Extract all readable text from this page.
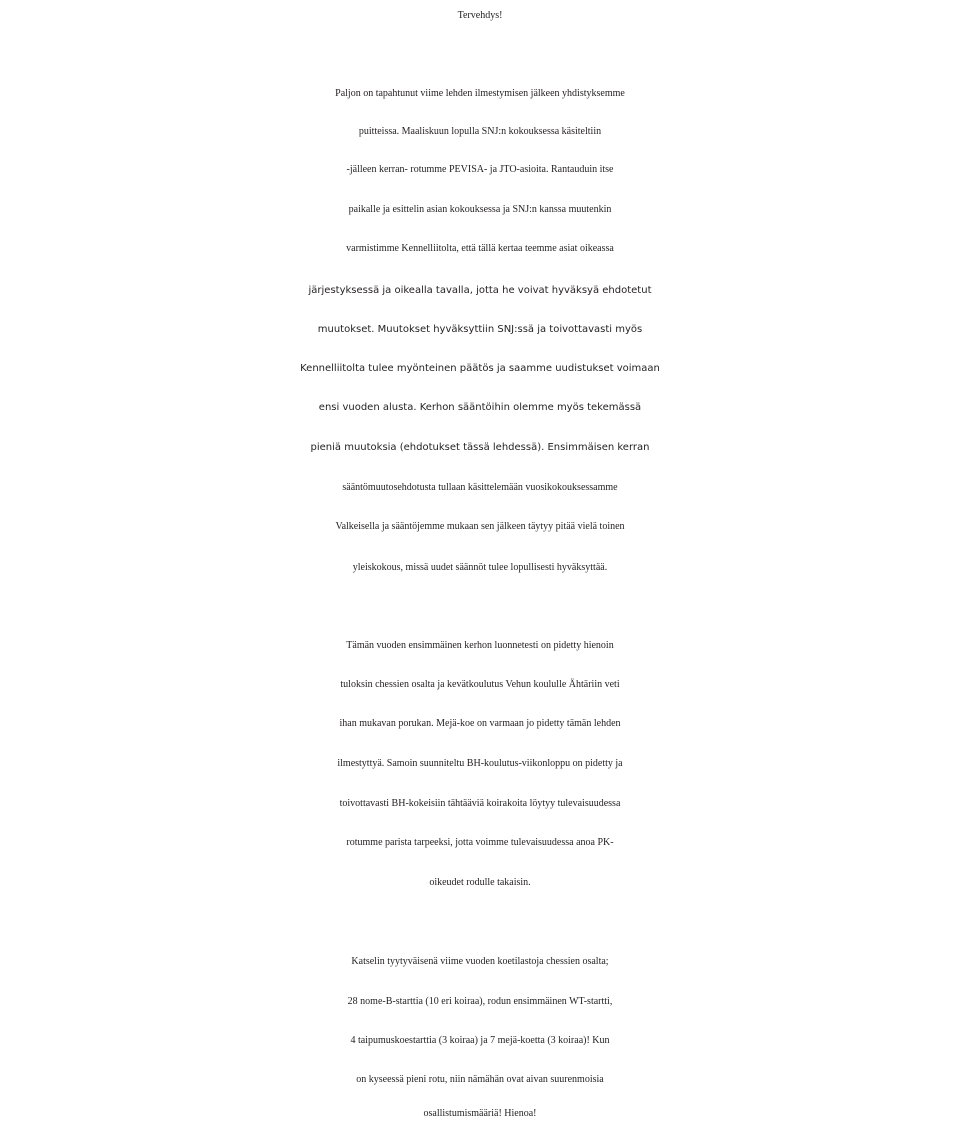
Tervehdys!
Paljon on tapahtunut viime lehden ilmestymisen jälkeen yhdistyksemme
puitteissa. Maaliskuun lopulla SNJ:n kokouksessa käsiteltiin
-jälleen kerran- rotumme PEVISA- ja JTO-asioita. Rantauduin itse
paikalle ja esittelin asian kokouksessa ja SNJ:n kanssa muutenkin
varmistimme Kennelliitolta, että tällä kertaa teemme asiat oikeassa
järjestyksessä ja oikealla tavalla, jotta he voivat hyväksyä ehdotetut
muutokset. Muutokset hyväksyttiin SNJ:ssä ja toivottavasti myös
Kennelliitolta tulee myönteinen päätös ja saamme uudistukset voimaan
ensi vuoden alusta. Kerhon sääntöihin olemme myös tekemässä
pieniä muutoksia (ehdotukset tässä lehdessä). Ensimmäisen kerran
sääntömuutosehdotusta tullaan käsittelemään vuosikokouksessamme
Valkeisella ja sääntöjemme mukaan sen jälkeen täytyy pitää vielä toinen
yleiskokous, missä uudet säännöt tulee lopullisesti hyväksyttää.
Tämän vuoden ensimmäinen kerhon luonnetesti on pidetty hienoin
tuloksin chessien osalta ja kevätkoulutus Vehun koululle Ähtäriin veti
ihan mukavan porukan. Mejä-koe on varmaan jo pidetty tämän lehden
ilmestyttyä. Samoin suunniteltu BH-koulutus-viikonloppu on pidetty ja
toivottavasti BH-kokeisiin tähtääviä koirakoita löytyy tulevaisuudessa
rotumme parista tarpeeksi, jotta voimme tulevaisuudessa anoa PK-
oikeudet rodulle takaisin.
Katselin tyytyväisenä viime vuoden koetilastoja chessien osalta;
28 nome-B-starttia (10 eri koiraa), rodun ensimmäinen WT-startti,
4 taipumuskoestarttia (3 koiraa) ja 7 mejä-koetta (3 koiraa)! Kun
on kyseessä pieni rotu, niin nämähän ovat aivan suurenmoisia
osallistumismääriä! Hienoa!
